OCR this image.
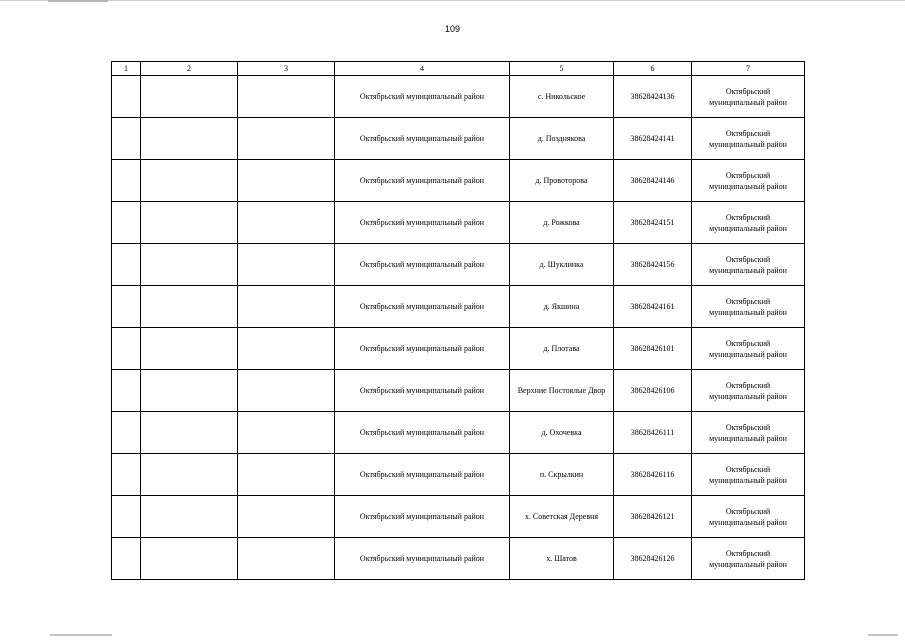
109
1	2	3	4	5	6	7
			Октябрьский муниципальный район	с. Никольское	38628424136	Октябрьский
муниципальный район

			Октябрьский муниципальный район	д. Позднякова	38628424141	Октябрьский
муниципальный район

			Октябрьский муниципальный район	д. Провоторова	38628424146	Октябрьский
муниципальный район

			Октябрьский муниципальный район	д. Рожкова	38628424151	Октябрьский
муниципальный район

			Октябрьский муниципальный район	д. Шуклинка	38628424156	Октябрьский
муниципальный район

			Октябрьский муниципальный район	д. Якшина	38628424161	Октябрьский
муниципальный район

			Октябрьский муниципальный район	д. Плотава	38628426101	Октябрьский
муниципальный район

			Октябрьский муниципальный район	Верхние Постоялые Двор	38628426106	Октябрьский
муниципальный район

			Октябрьский муниципальный район	д. Охочевка	38628426111	Октябрьский
муниципальный район

			Октябрьский муниципальный район	п. Скрылкин	38628426116	Октябрьский
муниципальный район

			Октябрьский муниципальный район	х. Советская Деревня	38628426121	Октябрьский
муниципальный район

			Октябрьский муниципальный район	х. Шатов	38628426126	Октябрьский
муниципальный район
